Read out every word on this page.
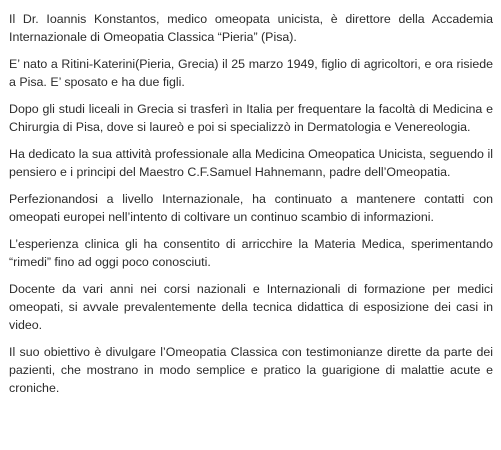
Il Dr. Ioannis Konstantos, medico omeopata unicista, è direttore della Accademia Internazionale di Omeopatia Classica “Pieria” (Pisa).

E’ nato a Ritini-Katerini(Pieria, Grecia) il 25 marzo 1949, figlio di agricoltori, e ora risiede a Pisa. E’ sposato e ha due figli.

Dopo gli studi liceali in Grecia si trasferì in Italia per frequentare la facoltà di Medicina e Chirurgia di Pisa, dove si laureò e poi si specializzò in Dermatologia e Venereologia.

Ha dedicato la sua attività professionale alla Medicina Omeopatica Unicista, seguendo il pensiero e i principi del Maestro C.F.Samuel Hahnemann, padre dell’Omeopatia.

Perfezionandosi a livello Internazionale, ha continuato a mantenere contatti con omeopati europei nell’intento di coltivare un continuo scambio di informazioni.

L’esperienza clinica gli ha consentito di arricchire la Materia Medica, sperimentando “rimedi” fino ad oggi poco conosciuti.

Docente da vari anni nei corsi nazionali e Internazionali di formazione per medici omeopati, si avvale prevalentemente della tecnica didattica di esposizione dei casi in video.

Il suo obiettivo è divulgare l’Omeopatia Classica con testimonianze dirette da parte dei pazienti, che mostrano in modo semplice e pratico la guarigione di malattie acute e croniche.
